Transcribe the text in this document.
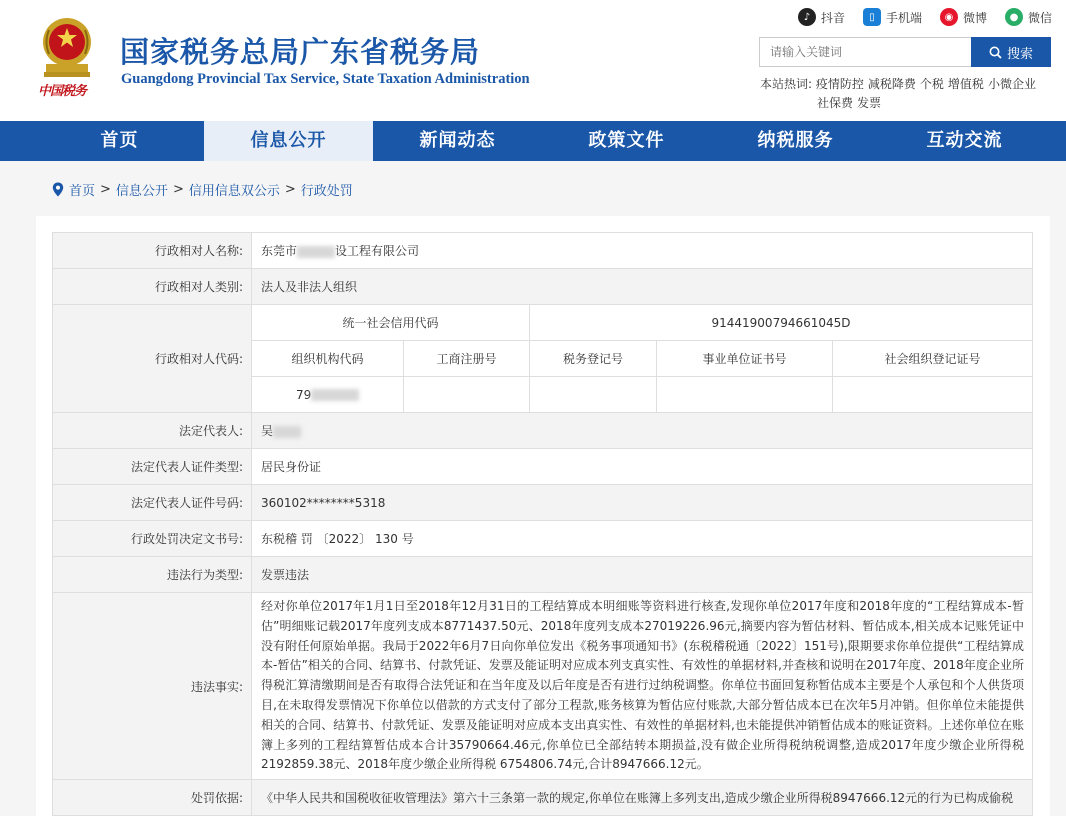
中国税务
国家税务总局广东省税务局
Guangdong Provincial Tax Service, State Taxation Administration
♪ 抖音	▯ 手机端	◉ 微博	● 微信
请输入关键词
搜索
本站热词: 疫情防控 减税降费 个税 增值税 小微企业
社保费 发票
首页	信息公开	新闻动态	政策文件	纳税服务	互动交流
首页 > 信息公开 > 信用信息双公示 > 行政处罚
行政相对人名称:	东莞市 设工程有限公司				
行政相对人类别:	法人及非法人组织				
行政相对人代码:	统一社会信用代码		91441900794661045D		
	组织机构代码	工商注册号	税务登记号	事业单位证书号	社会组织登记证号
	79				
法定代表人:	吴				
法定代表人证件类型:	居民身份证				
法定代表人证件号码:	360102********5318				
行政处罚决定文书号:	东税稽 罚 〔2022〕 130 号				
违法行为类型:	发票违法				
违法事实:	经对你单位2017年1月1日至2018年12月31日的工程结算成本明细账等资料进行核查,发现你单位2017年度和2018年度的“工程结算成本-暂估”明细账记载2017年度列支成本8771437.50元、2018年度列支成本27019226.96元,摘要内容为暂估材料、暂估成本,相关成本记账凭证中没有附任何原始单据。我局于2022年6月7日向你单位发出《税务事项通知书》(东税稽税通〔2022〕151号),限期要求你单位提供“工程结算成本-暂估”相关的合同、结算书、付款凭证、发票及能证明对应成本列支真实性、有效性的单据材料,并查核和说明在2017年度、2018年度企业所得税汇算清缴期间是否有取得合法凭证和在当年度及以后年度是否有进行过纳税调整。你单位书面回复称暂估成本主要是个人承包和个人供货项目,在未取得发票情况下你单位以借款的方式支付了部分工程款,账务核算为暂估应付账款,大部分暂估成本已在次年5月冲销。但你单位未能提供相关的合同、结算书、付款凭证、发票及能证明对应成本支出真实性、有效性的单据材料,也未能提供冲销暂估成本的账证资料。上述你单位在账簿上多列的工程结算暂估成本合计35790664.46元,你单位已全部结转本期损益,没有做企业所得税纳税调整,造成2017年度少缴企业所得税2192859.38元、2018年度少缴企业所得税 6754806.74元,合计8947666.12元。				
处罚依据:	《中华人民共和国税收征收管理法》第六十三条第一款的规定,你单位在账簿上多列支出,造成少缴企业所得税8947666.12元的行为已构成偷税				
